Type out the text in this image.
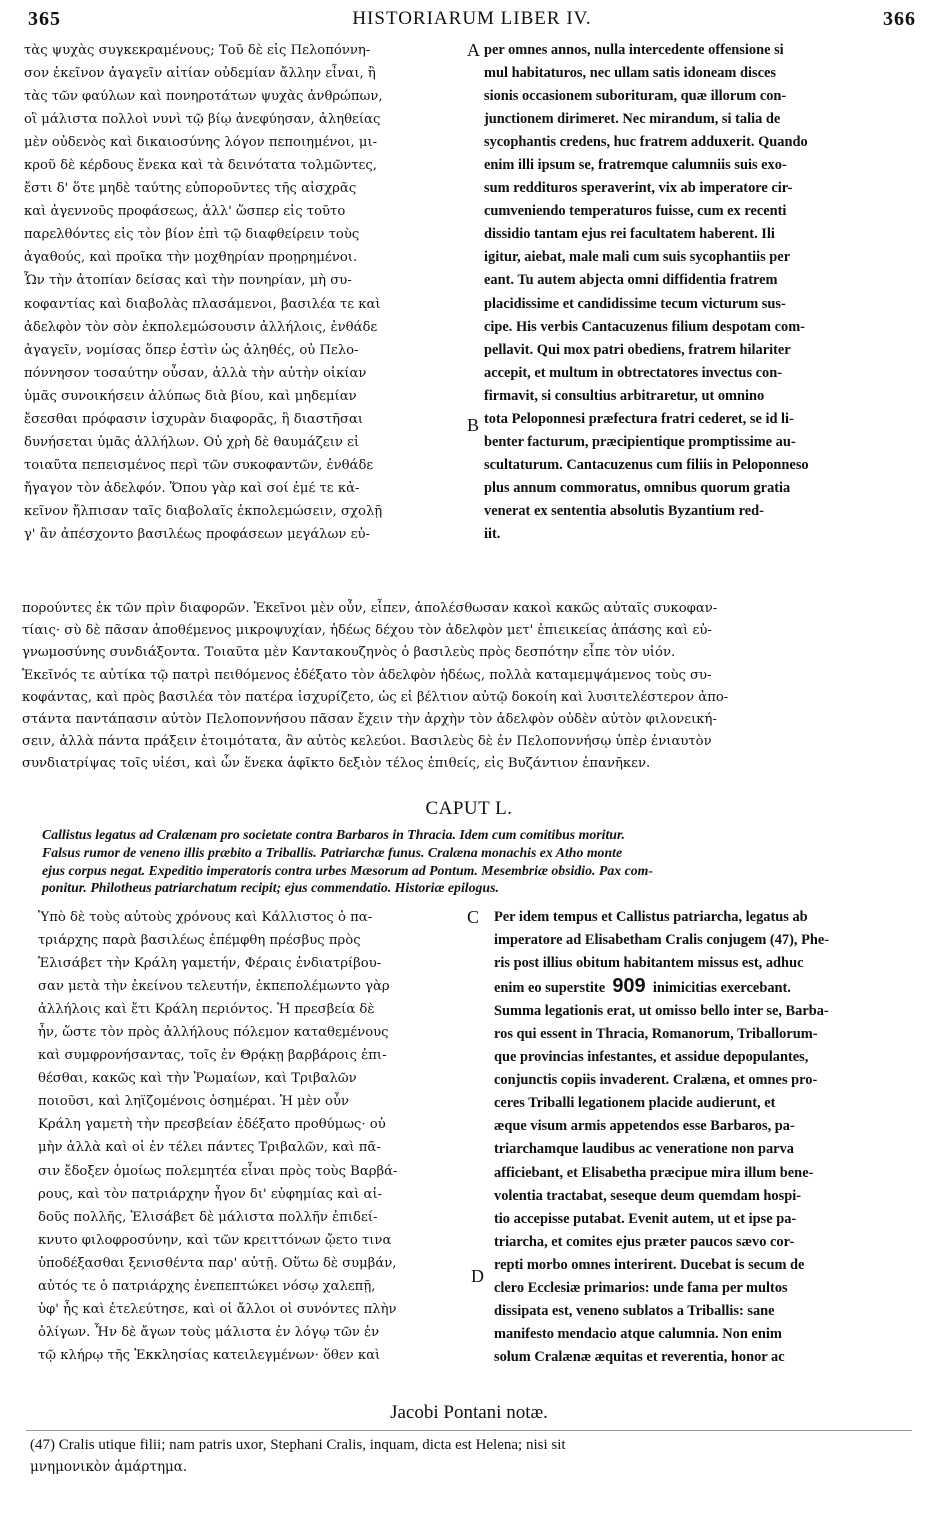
365	HISTORIARUM LIBER IV.	366
τὰς ψυχὰς συγκεκραμένους; Τοῦ δὲ εἰς Πελοπόννη-
σον ἐκεῖνον ἀγαγεῖν αἰτίαν οὐδεμίαν ἄλλην εἶναι, ἢ
τὰς τῶν φαύλων καὶ πονηροτάτων ψυχὰς ἀνθρώπων,
οἳ μάλιστα πολλοὶ νυνὶ τῷ βίῳ ἀνεφύησαν, ἀληθείας
μὲν οὐδενὸς καὶ δικαιοσύνης λόγον πεποιημένοι, μι-
κροῦ δὲ κέρδους ἕνεκα καὶ τὰ δεινότατα τολμῶντες,
ἔστι δ' ὅτε μηδὲ ταύτης εὐποροῦντες τῆς αἰσχρᾶς
καὶ ἀγεννοῦς προφάσεως, ἀλλ' ὥσπερ εἰς τοῦτο
παρελθόντες εἰς τὸν βίον ἐπὶ τῷ διαφθείρειν τοὺς
ἀγαθούς, καὶ προῖκα τὴν μοχθηρίαν προῃρημένοι.
Ὧν τὴν ἀτοπίαν δείσας καὶ τὴν πονηρίαν, μὴ συ-
κοφαντίας καὶ διαβολὰς πλασάμενοι, βασιλέα τε καὶ
ἀδελφὸν τὸν σὸν ἐκπολεμώσουσιν ἀλλήλοις, ἐνθάδε
ἀγαγεῖν, νομίσας ὅπερ ἐστὶν ὡς ἀληθές, οὐ Πελο-
πόννησον τοσαύτην οὖσαν, ἀλλὰ τὴν αὐτὴν οἰκίαν
ὑμᾶς συνοικήσειν ἀλύπως διὰ βίου, καὶ μηδεμίαν
ἔσεσθαι πρόφασιν ἰσχυρὰν διαφορᾶς, ἣ διαστῆσαι
δυνήσεται ὑμᾶς ἀλλήλων. Οὐ χρὴ δὲ θαυμάζειν εἰ
τοιαῦτα πεπεισμένος περὶ τῶν συκοφαντῶν, ἐνθάδε
ἤγαγον τὸν ἀδελφόν. Ὅπου γὰρ καὶ σοί ἐμέ τε κἀ-
κεῖνον ἤλπισαν ταῖς διαβολαῖς ἐκπολεμώσειν, σχολῇ
γ' ἂν ἀπέσχοντο βασιλέως προφάσεων μεγάλων εὐ-
A per omnes annos, nulla intercedente offensione si
mul habitaturos, nec ullam satis idoneam disces
sionis occasionem suborituram, quæ illorum con-
junctionem dirimeret. Nec mirandum, si talia de
sycophantis credens, huc fratrem adduxerit. Quando
enim illi ipsum se, fratremque calumniis suis exo-
sum reddituros speraverint, vix ab imperatore cir-
cumveniendo temperaturos fuisse, cum ex recenti
dissidio tantam ejus rei facultatem haberent. Ili
igitur, aiebat, male mali cum suis sycophantiis per
eant. Tu autem abjecta omni diffidentia fratrem
placidissime et candidissime tecum victurum sus-
cipe. His verbis Cantacuzenus filium despotam com-
pellavit. Qui mox patri obediens, fratrem hilariter
accepit, et multum in obtrectatores invectus con-
firmavit, si consultius arbitraretur, ut omnino
tota Peloponnesi præfectura fratri cederet, se id li-
benter facturum, præcipientique promptissime au-
scultaturum. Cantacuzenus cum filiis in Peloponneso
plus annum commoratus, omnibus quorum gratia
venerat ex sententia absolutis Byzantium red-
iit.
B
πορούντες ἐκ τῶν πρὶν διαφορῶν. Ἐκεῖνοι μὲν οὖν, εἶπεν, ἀπολέσθωσαν κακοὶ κακῶς αὐταῖς συκοφαν-
τίαις· σὺ δὲ πᾶσαν ἀποθέμενος μικροψυχίαν, ἡδέως δέχου τὸν ἀδελφὸν μετ' ἐπιεικείας ἁπάσης καὶ εὐ-
γνωμοσύνης συνδιάξοντα. Τοιαῦτα μὲν Καντακουζηνὸς ὁ βασιλεὺς πρὸς δεσπότην εἶπε τὸν υἱόν.
Ἐκεῖνός τε αὐτίκα τῷ πατρὶ πειθόμενος ἐδέξατο τὸν ἀδελφὸν ἡδέως, πολλὰ καταμεμψάμενος τοὺς συ-
κοφάντας, καὶ πρὸς βασιλέα τὸν πατέρα ἰσχυρίζετο, ὡς εἰ βέλτιον αὐτῷ δοκοίη καὶ λυσιτελέστερον ἀπο-
στάντα παντάπασιν αὐτὸν Πελοποννήσου πᾶσαν ἔχειν τὴν ἀρχὴν τὸν ἀδελφὸν οὐδὲν αὐτὸν φιλονεική-
σειν, ἀλλὰ πάντα πράξειν ἑτοιμότατα, ἂν αὐτὸς κελεύοι. Βασιλεὺς δὲ ἐν Πελοποννήσῳ ὑπὲρ ἐνιαυτὸν
συνδιατρίψας τοῖς υἱέσι, καὶ ὧν ἕνεκα ἀφῖκτο δεξιὸν τέλος ἐπιθείς, εἰς Βυζάντιον ἐπανῆκεν.
CAPUT L.
Callistus legatus ad Cralænam pro societate contra Barbaros in Thracia. Idem cum comitibus moritur.
Falsus rumor de veneno illis præbito a Triballis. Patriarchæ funus. Cralæna monachis ex Atho monte
ejus corpus negat. Expeditio imperatoris contra urbes Mæsorum ad Pontum. Mesembriæ obsidio. Pax com-
ponitur. Philotheus patriarchatum recipit; ejus commendatio. Historiæ epilogus.
Ὑπὸ δὲ τοὺς αὐτοὺς χρόνους καὶ Κάλλιστος ὁ πα-
τριάρχης παρὰ βασιλέως ἐπέμφθη πρέσβυς πρὸς
Ἐλισάβετ τὴν Κράλη γαμετήν, Φέραις ἐνδιατρίβου-
σαν μετὰ τὴν ἐκείνου τελευτήν, ἐκπεπολέμωντο γὰρ
ἀλλήλοις καὶ ἔτι Κράλη περιόντος. Ἡ πρεσβεία δὲ
ἦν, ὥστε τὸν πρὸς ἀλλήλους πόλεμον καταθεμένους
καὶ συμφρονήσαντας, τοῖς ἐν Θρᾴκῃ βαρβάροις ἐπι-
θέσθαι, κακῶς καὶ τὴν Ῥωμαίων, καὶ Τριβαλῶν
ποιοῦσι, καὶ ληϊζομένοις ὁσημέραι. Ἡ μὲν οὖν
Κράλη γαμετὴ τὴν πρεσβείαν ἐδέξατο προθύμως· οὐ
μὴν ἀλλὰ καὶ οἱ ἐν τέλει πάντες Τριβαλῶν, καὶ πᾶ-
σιν ἔδοξεν ὁμοίως πολεμητέα εἶναι πρὸς τοὺς Βαρβά-
ρους, καὶ τὸν πατριάρχην ἦγον δι' εὐφημίας καὶ αἰ-
δοῦς πολλῆς, Ἐλισάβετ δὲ μάλιστα πολλῆν ἐπιδεί-
κνυτο φιλοφροσύνην, καὶ τῶν κρειττόνων ᾤετο τινα
ὑποδέξασθαι ξενισθέντα παρ' αὐτῇ. Οὕτω δὲ συμβάν,
αὐτός τε ὁ πατριάρχης ἐνεπεπτώκει νόσῳ χαλεπῇ,
ὑφ' ἧς καὶ ἐτελεύτησε, καὶ οἱ ἄλλοι οἱ συνόντες πλὴν
ὀλίγων. Ἦν δὲ ἄγων τοὺς μάλιστα ἐν λόγῳ τῶν ἐν
τῷ κλήρῳ τῆς Ἐκκλησίας κατειλεγμένων· ὅθεν καὶ
C
D
Per idem tempus et Callistus patriarcha, legatus ab
imperatore ad Elisabetham Cralis conjugem (47), Phe-
ris post illius obitum habitantem missus est, adhuc
enim eo superstite 909 inimicitias exercebant.
Summa legationis erat, ut omisso bello inter se, Barba-
ros qui essent in Thracia, Romanorum, Triballorum-
que provincias infestantes, et assidue depopulantes,
conjunctis copiis invaderent. Cralæna, et omnes pro-
ceres Triballi legationem placide audierunt, et
æque visum armis appetendos esse Barbaros, pa-
triarchamque laudibus ac veneratione non parva
afficiebant, et Elisabetha præcipue mira illum bene-
volentia tractabat, seseque deum quemdam hospi-
tio accepisse putabat. Evenit autem, ut et ipse pa-
triarcha, et comites ejus præter paucos sævo cor-
repti morbo omnes interirent. Ducebat is secum de
clero Ecclesiæ primarios: unde fama per multos
dissipata est, veneno sublatos a Triballis: sane
manifesto mendacio atque calumnia. Non enim
solum Cralænæ æquitas et reverentia, honor ac
Jacobi Pontani notæ.
(47) Cralis utique filii; nam patris uxor, Stephani Cralis, inquam, dicta est Helena; nisi sit
μνημονικὸν ἁμάρτημα.
